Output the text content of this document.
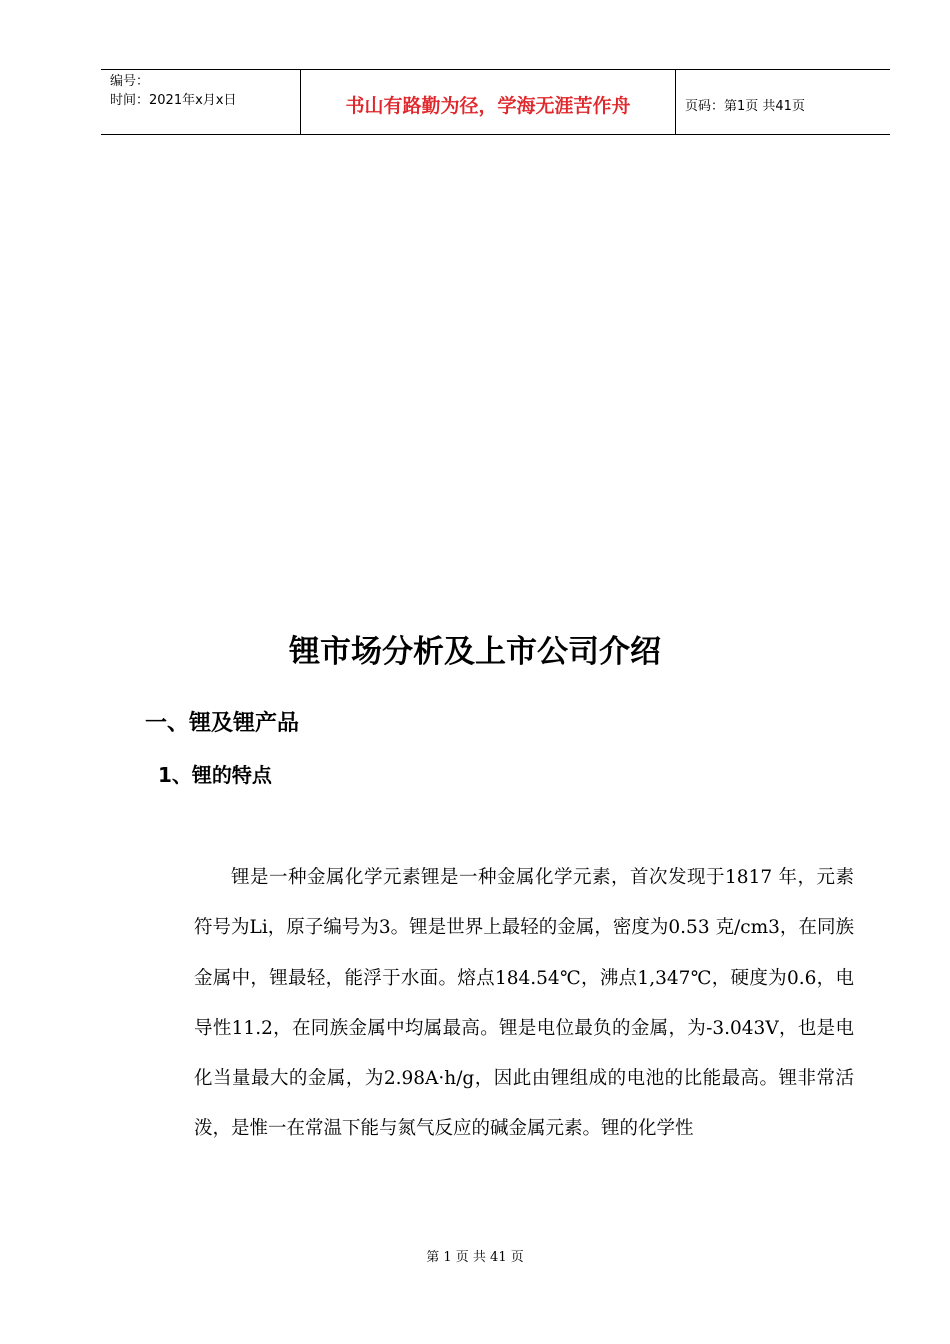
编号：
时间：2021年x月x日	书山有路勤为径，学海无涯苦作舟	页码：第1页 共41页
锂市场分析及上市公司介绍
一、锂及锂产品
1、锂的特点
锂是一种金属化学元素锂是一种金属化学元素，首次发现于1817 年，元素符号为Li，原子编号为3。锂是世界上最轻的金属，密度为0.53 克/cm3，在同族金属中，锂最轻，能浮于水面。熔点184.54℃，沸点1,347℃，硬度为0.6，电导性11.2，在同族金属中均属最高。锂是电位最负的金属，为-3.043V，也是电化当量最大的金属，为2.98A·h/g，因此由锂组成的电池的比能最高。锂非常活泼，是惟一在常温下能与氮气反应的碱金属元素。锂的化学性
第 1 页 共 41 页
